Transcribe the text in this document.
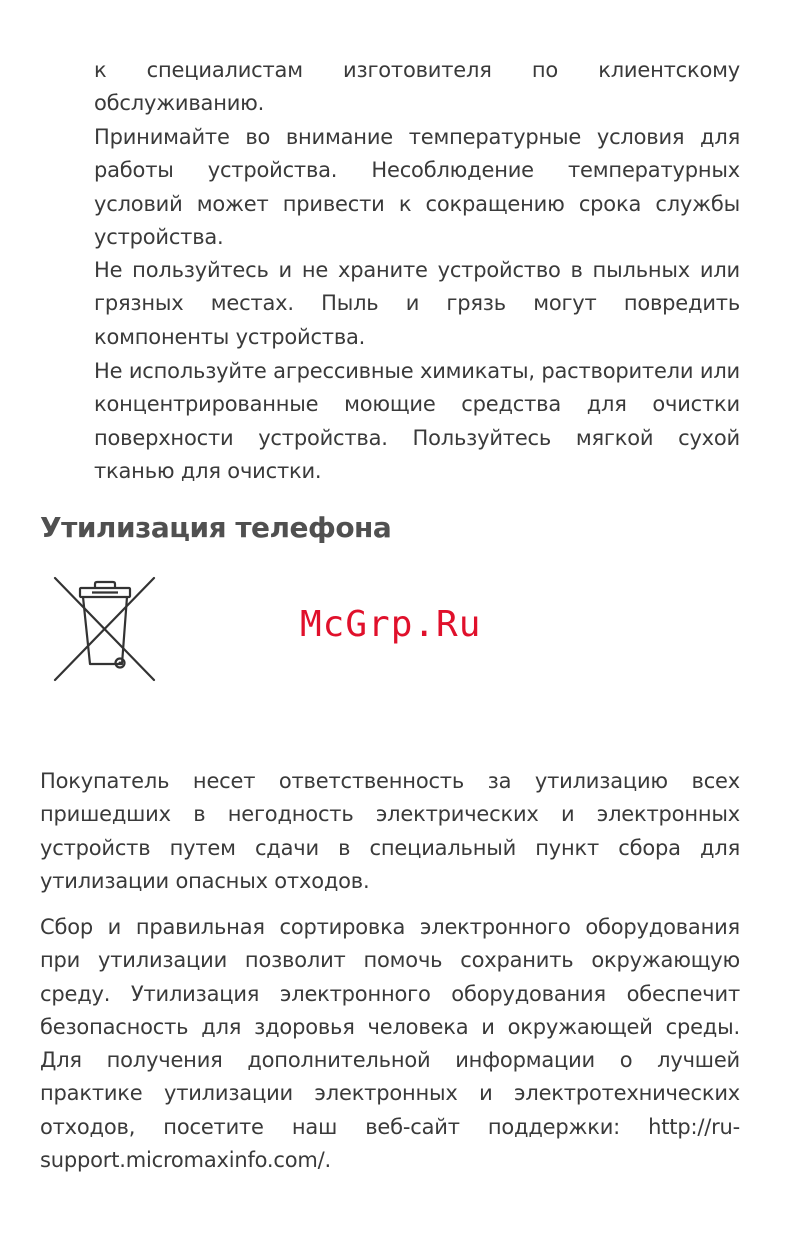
к специалистам изготовителя по клиентскому обслуживанию.

Принимайте во внимание температурные условия для работы устройства. Несоблюдение температурных условий может привести к сокращению срока службы устройства.

Не пользуйтесь и не храните устройство в пыльных или грязных местах. Пыль и грязь могут повредить компоненты устройства.

Не используйте агрессивные химикаты, растворители или концентрированные моющие средства для очистки поверхности устройства. Пользуйтесь мягкой сухой тканью для очистки.

Утилизация телефона
McGrp.Ru

Покупатель несет ответственность за утилизацию всех пришедших в негодность электрических и электронных устройств путем сдачи в специальный пункт сбора для утилизации опасных отходов.

Сбор и правильная сортировка электронного оборудования при утилизации позволит помочь сохранить окружающую среду. Утилизация электронного оборудования обеспечит безопасность для здоровья человека и окружающей среды. Для получения дополнительной информации о лучшей практике утилизации электронных и электротехнических отходов, посетите наш веб-сайт поддержки: http://ru-support.micromaxinfo.com/.
